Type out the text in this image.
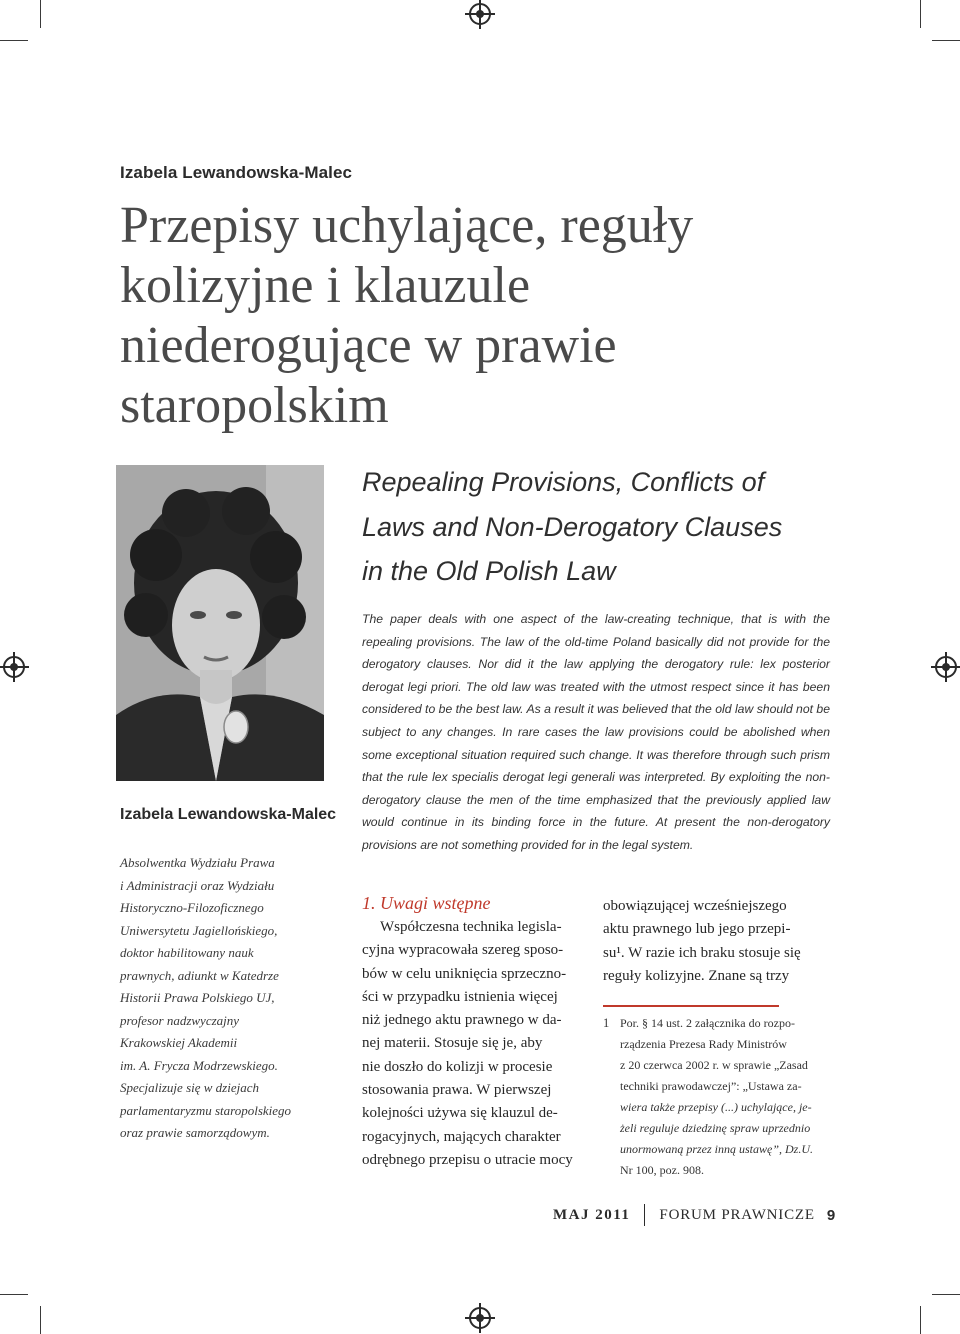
Izabela Lewandowska-Malec
Przepisy uchylające, reguły
kolizyjne i klauzule
niederogujące w prawie
staropolskim
Repealing Provisions, Conflicts of
Laws and Non-Derogatory Clauses
in the Old Polish Law

The paper deals with one aspect of the law-creating technique, that is with the repealing provisions. The law of the old-time Poland basically did not provide for the derogatory clauses. Nor did it the law applying the derogatory rule: lex posterior derogat legi priori. The old law was treated with the utmost respect since it has been considered to be the best law. As a result it was believed that the old law should not be subject to any changes. In rare cases the law provisions could be abolished when some exceptional situation required such change. It was therefore through such prism that the rule lex specialis derogat legi generali was interpreted. By exploiting the non-derogatory clause the men of the time emphasized that the previously applied law would continue in its binding force in the future. At present the non-derogatory provisions are not something provided for in the legal system.

Izabela Lewandowska-Malec
Absolwentka Wydziału Prawa
i Administracji oraz Wydziału
Historyczno-Filozoficznego
Uniwersytetu Jagiellońskiego,
doktor habilitowany nauk
prawnych, adiunkt w Katedrze
Historii Prawa Polskiego UJ,
profesor nadzwyczajny
Krakowskiej Akademii
im. A. Frycza Modrzewskiego.
Specjalizuje się w dziejach
parlamentaryzmu staropolskiego
oraz prawie samorządowym.
1. Uwagi wstępne
Współczesna technika legisla-
cyjna wypracowała szereg sposo-
bów w celu uniknięcia sprzeczno-
ści w przypadku istnienia więcej
niż jednego aktu prawnego w da-
nej materii. Stosuje się je, aby
nie doszło do kolizji w procesie
stosowania prawa. W pierwszej
kolejności używa się klauzul de-
rogacyjnych, mających charakter
odrębnego przepisu o utracie mocy
obowiązującej wcześniejszego
aktu prawnego lub jego przepi-
su¹. W razie ich braku stosuje się
reguły kolizyjne. Znane są trzy
1 Por. § 14 ust. 2 załącznika do rozpo-
rządzenia Prezesa Rady Ministrów
z 20 czerwca 2002 r. w sprawie „Zasad
techniki prawodawczej”: „Ustawa za-
wiera także przepisy (...) uchylające, je-
żeli reguluje dziedzinę spraw uprzednio
unormowaną przez inną ustawę”, Dz.U.
Nr 100, poz. 908.
MAJ 2011 FORUM PRAWNICZE 9
